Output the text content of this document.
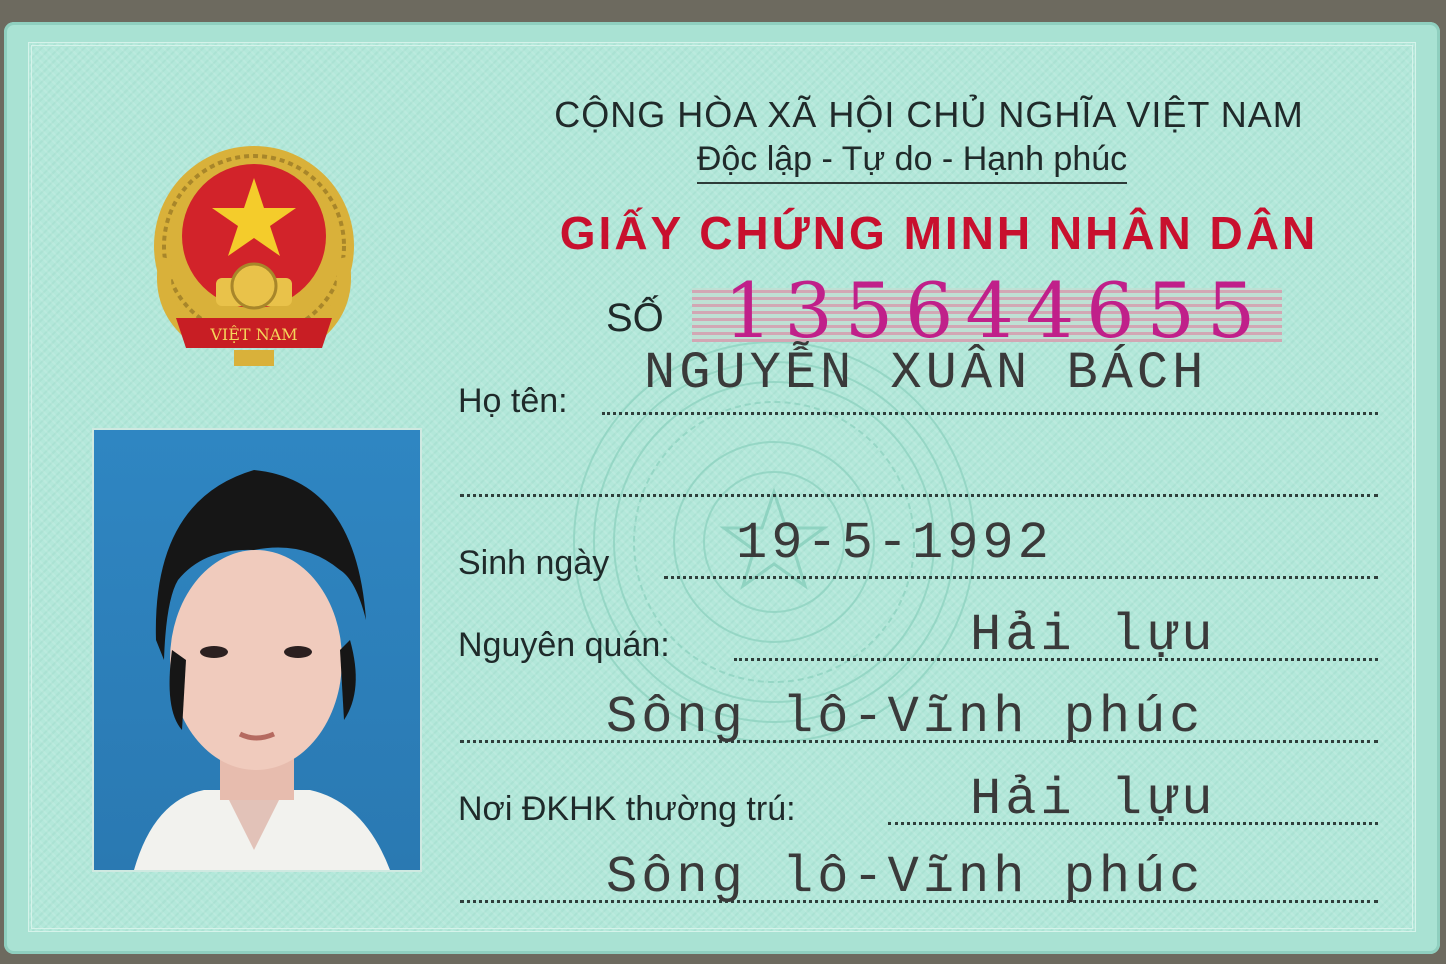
VIỆT NAM
CỘNG HÒA XÃ HỘI CHỦ NGHĨA VIỆT NAM
Độc lập - Tự do - Hạnh phúc
GIẤY CHỨNG MINH NHÂN DÂN
SỐ 135644655
Họ tên: NGUYỄN XUÂN BÁCH
Sinh ngày 19-5-1992
Nguyên quán:	Hải lựu
Sông lô-Vĩnh phúc
Nơi ĐKHK thường trú:	Hải lựu
Sông lô-Vĩnh phúc
